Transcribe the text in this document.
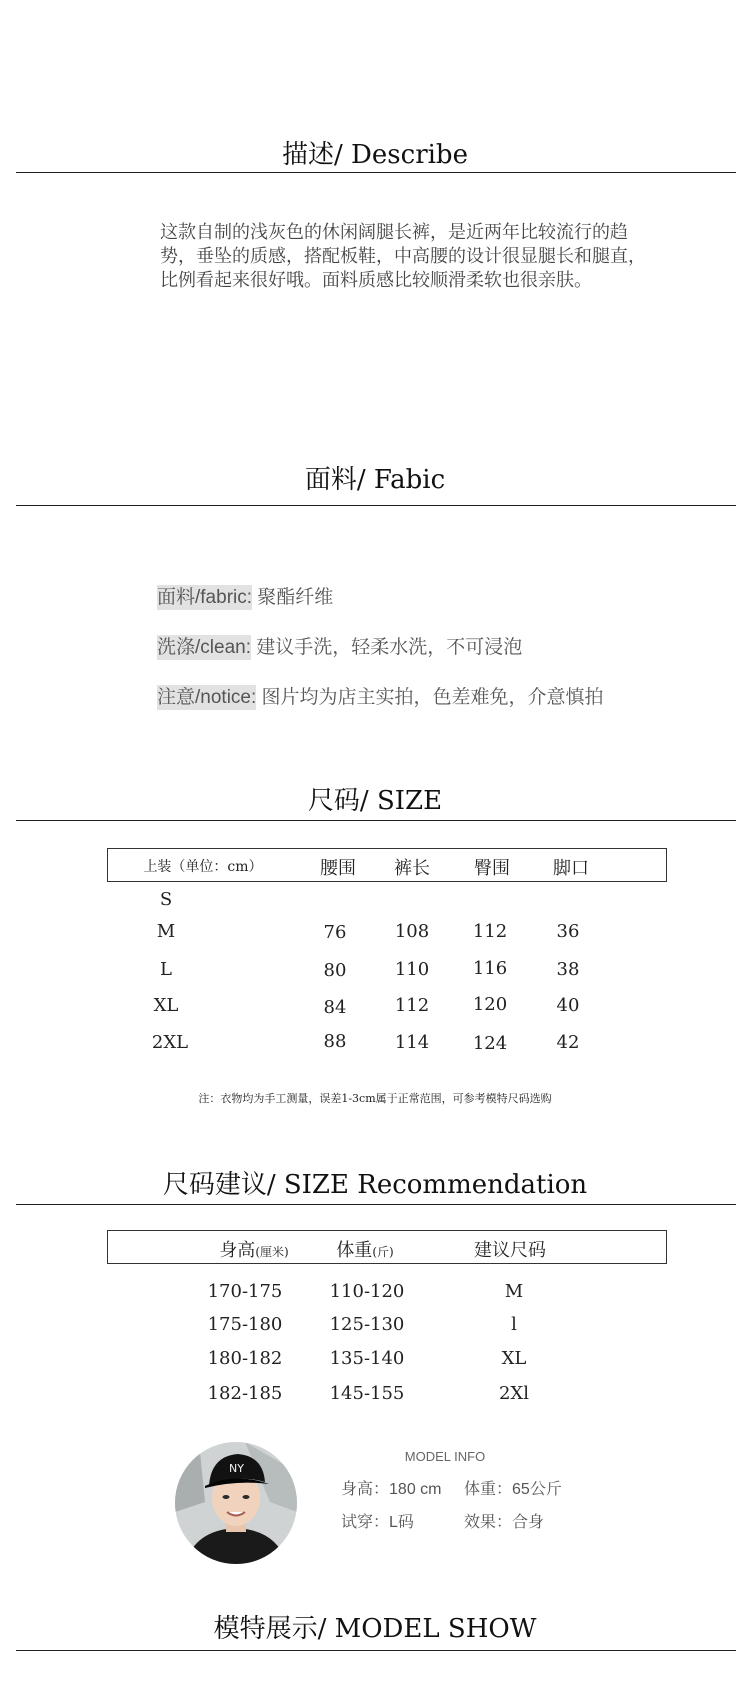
描述/ Describe
这款自制的浅灰色的休闲阔腿长裤，是近两年比较流行的趋势，垂坠的质感，搭配板鞋，中高腰的设计很显腿长和腿直，比例看起来很好哦。面料质感比较顺滑柔软也很亲肤。
面料/ Fabic
面料/fabric: 聚酯纤维
洗涤/clean: 建议手洗，轻柔水洗，不可浸泡
注意/notice: 图片均为店主实拍，色差难免，介意慎拍
尺码/ SIZE
上装（单位：cm）	腰围	裤长	臀围	脚口
S
M	76	108	112	36
L	80	110	116	38
XL	84	112	120	40
2XL	88	114	124	42
注：衣物均为手工测量，误差1-3cm属于正常范围，可参考模特尺码选购
尺码建议/ SIZE Recommendation
身高(厘米)	体重(斤)	建议尺码
170-175	110-120	M
175-180	125-130	l
180-182	135-140	XL
182-185	145-155	2Xl
NY
MODEL INFO
身高：180 cm 体重：65公斤
试穿：L码	效果：合身
模特展示/ MODEL SHOW
